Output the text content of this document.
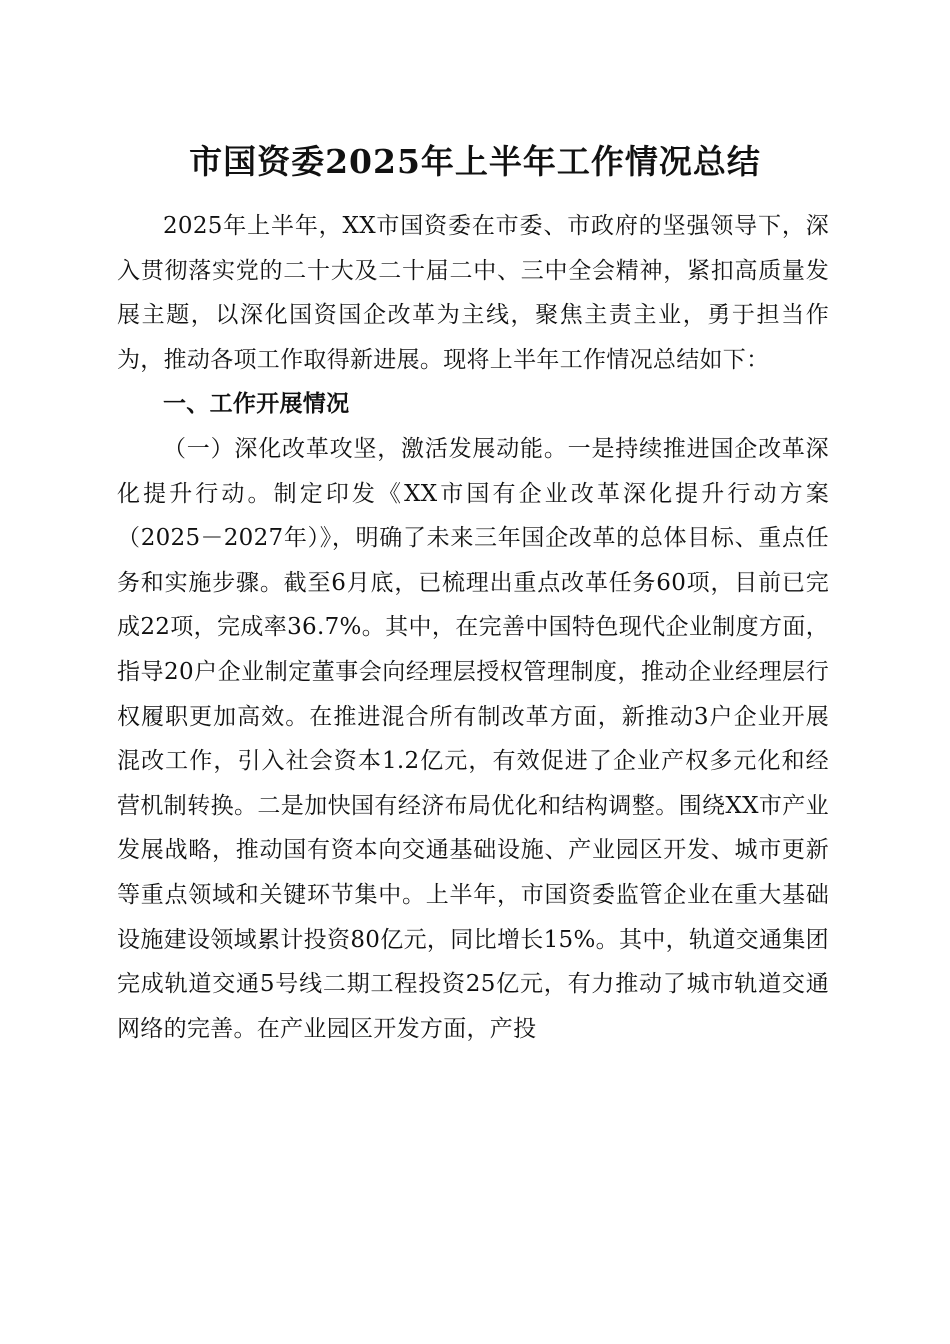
市国资委2025年上半年工作情况总结

2025年上半年，XX市国资委在市委、市政府的坚强领导下，深入贯彻落实党的二十大及二十届二中、三中全会精神，紧扣高质量发展主题，以深化国资国企改革为主线，聚焦主责主业，勇于担当作为，推动各项工作取得新进展。现将上半年工作情况总结如下：

一、工作开展情况

（一）深化改革攻坚，激活发展动能。一是持续推进国企改革深化提升行动。制定印发《XX市国有企业改革深化提升行动方案（2025－2027年）》，明确了未来三年国企改革的总体目标、重点任务和实施步骤。截至6月底，已梳理出重点改革任务60项，目前已完成22项，完成率36.7%。其中，在完善中国特色现代企业制度方面，指导20户企业制定董事会向经理层授权管理制度，推动企业经理层行权履职更加高效。在推进混合所有制改革方面，新推动3户企业开展混改工作，引入社会资本1.2亿元，有效促进了企业产权多元化和经营机制转换。二是加快国有经济布局优化和结构调整。围绕XX市产业发展战略，推动国有资本向交通基础设施、产业园区开发、城市更新等重点领域和关键环节集中。上半年，市国资委监管企业在重大基础设施建设领域累计投资80亿元，同比增长15%。其中，轨道交通集团完成轨道交通5号线二期工程投资25亿元，有力推动了城市轨道交通网络的完善。在产业园区开发方面，产投
